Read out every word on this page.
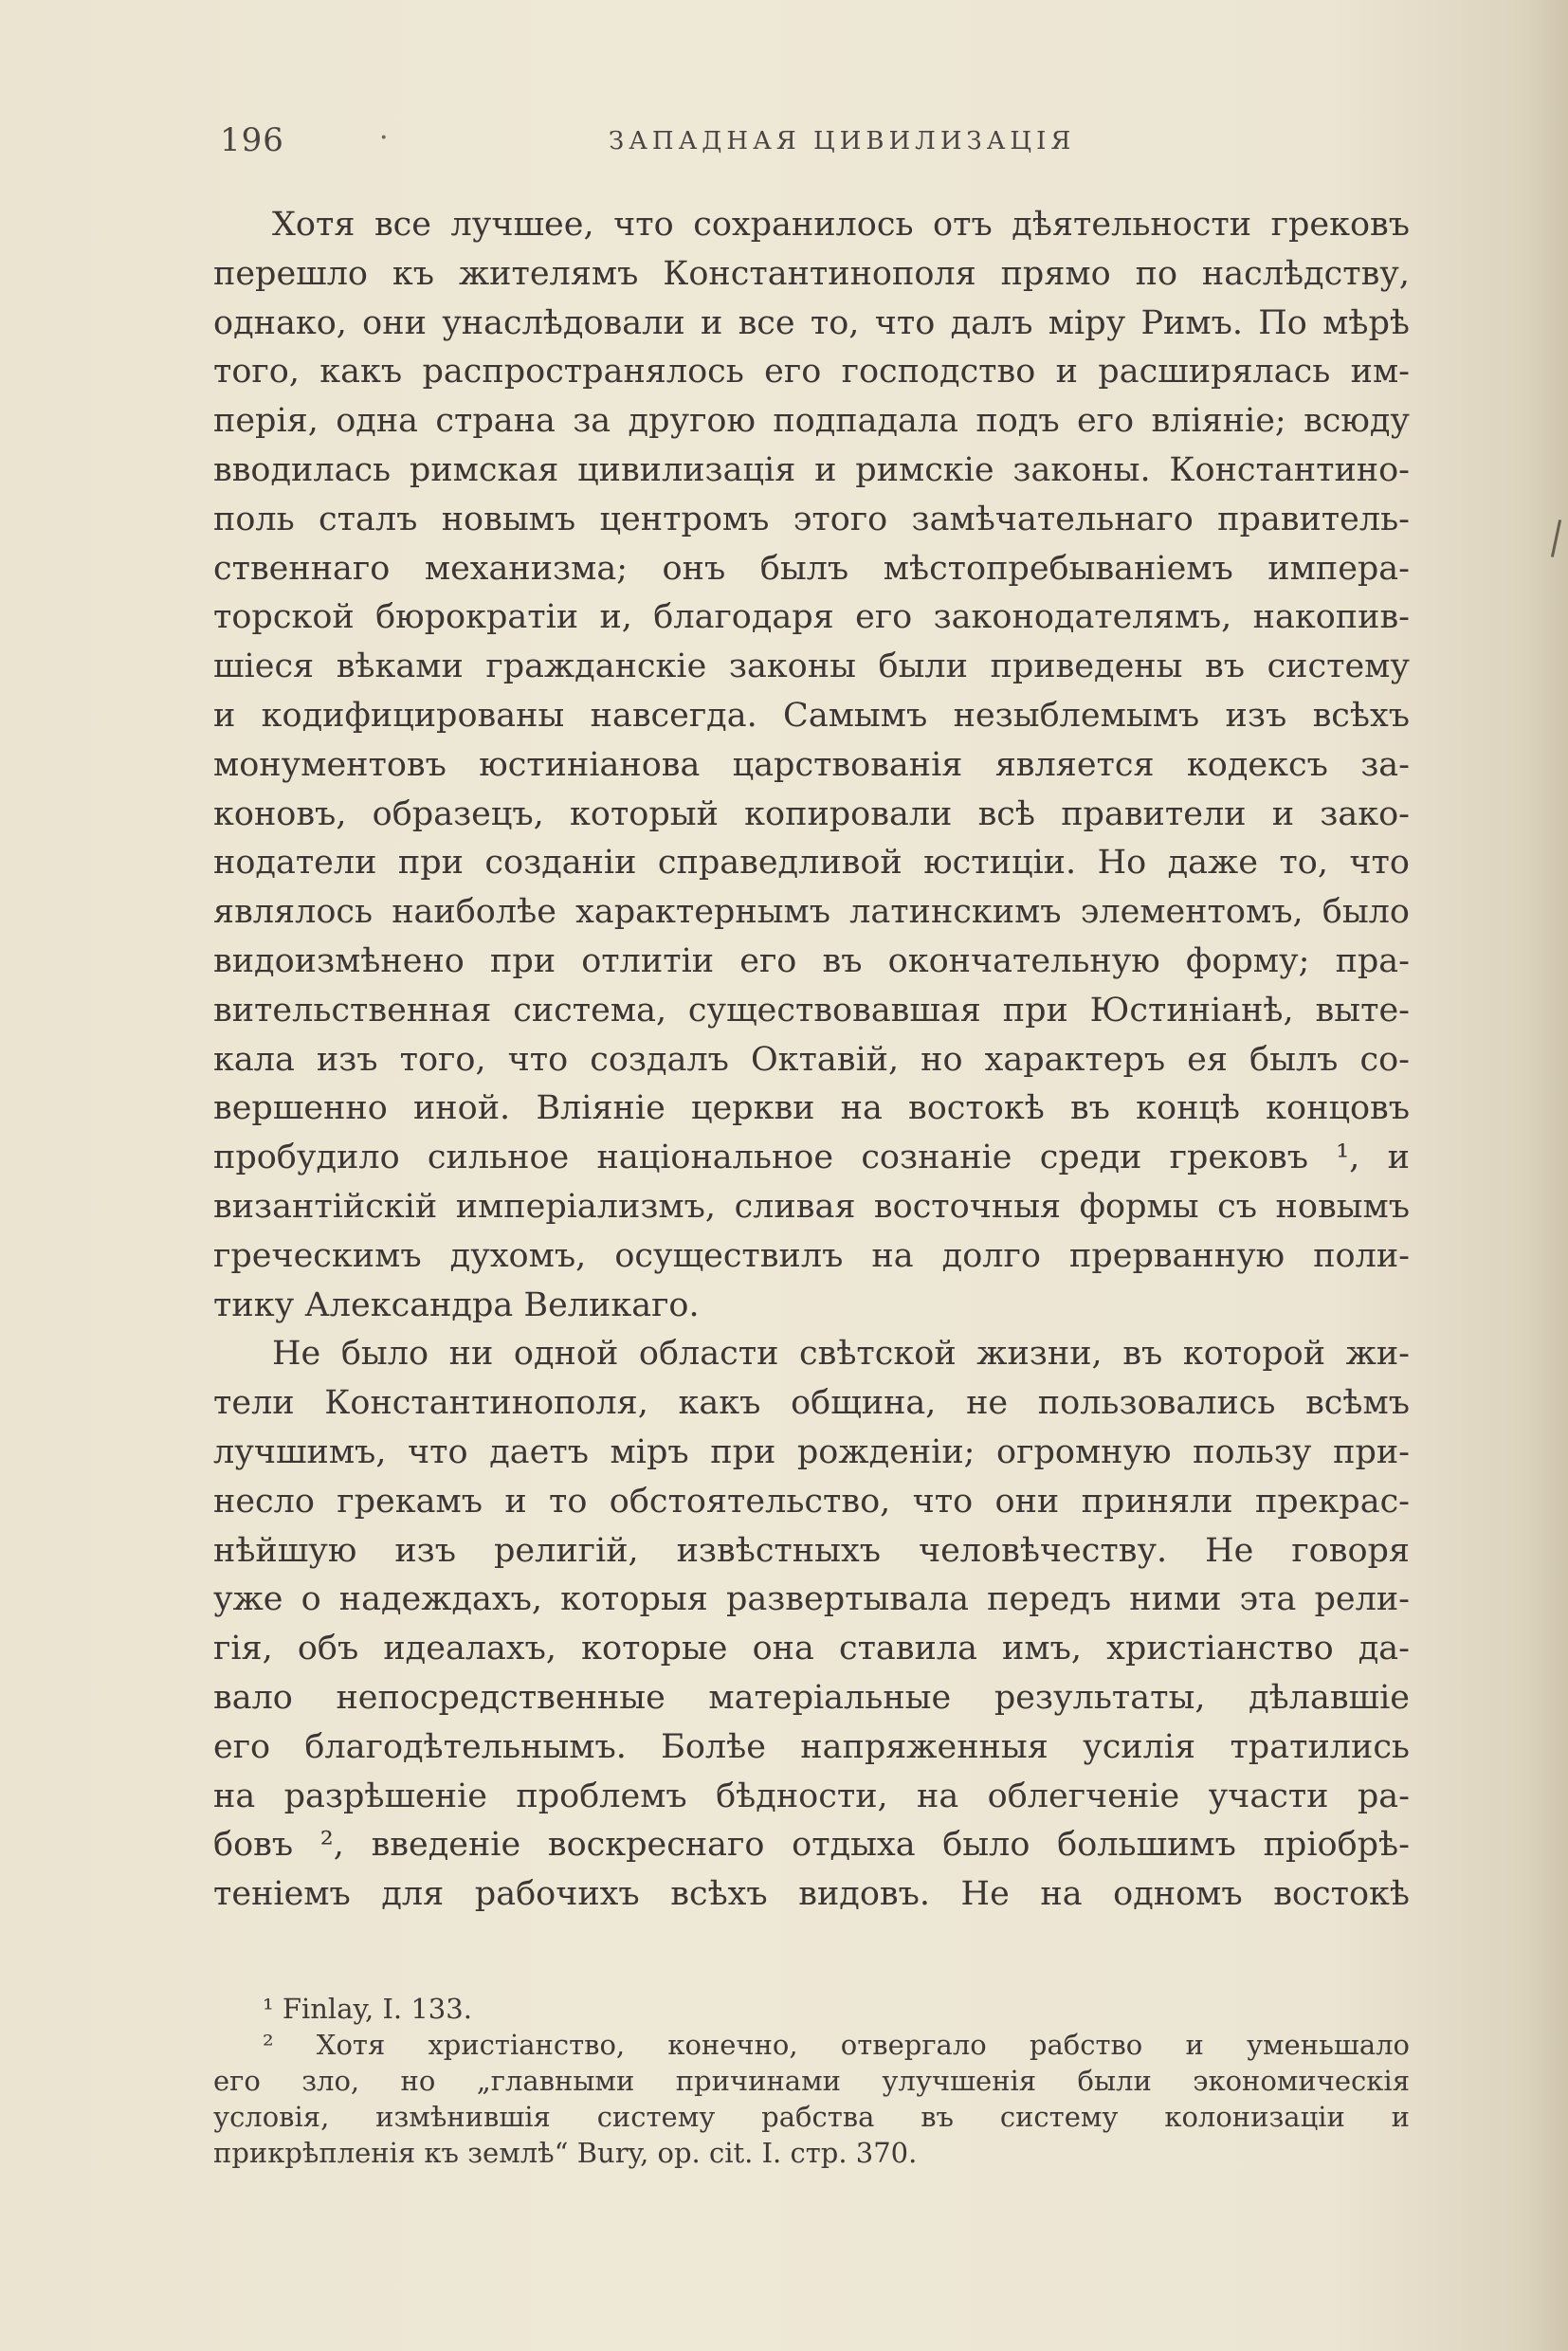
196	·	ЗАПАДНАЯ ЦИВИЛИЗАЦІЯ
Хотя все лучшее, что сохранилось отъ дѣятельности грековъ
перешло къ жителямъ Константинополя прямо по наслѣдству,
однако, они унаслѣдовали и все то, что далъ міру Римъ. По мѣрѣ
того, какъ распространялось его господство и расширялась им-
перія, одна страна за другою подпадала подъ его вліяніе; всюду
вводилась римская цивилизація и римскіе законы. Константино-
поль сталъ новымъ центромъ этого замѣчательнаго правитель-
ственнаго механизма; онъ былъ мѣстопребываніемъ импера-
торской бюрократіи и, благодаря его законодателямъ, накопив-
шіеся вѣками гражданскіе законы были приведены въ систему
и кодифицированы навсегда. Самымъ незыблемымъ изъ всѣхъ
монументовъ юстиніанова царствованія является кодексъ за-
коновъ, образецъ, который копировали всѣ правители и зако-
нодатели при созданіи справедливой юстиціи. Но даже то, что
являлось наиболѣе характернымъ латинскимъ элементомъ, было
видоизмѣнено при отлитіи его въ окончательную форму; пра-
вительственная система, существовавшая при Юстиніанѣ, выте-
кала изъ того, что создалъ Октавій, но характеръ ея былъ со-
вершенно иной. Вліяніе церкви на востокѣ въ концѣ концовъ
пробудило сильное національное сознаніе среди грековъ ¹, и
византійскій имперіализмъ, сливая восточныя формы съ новымъ
греческимъ духомъ, осуществилъ на долго прерванную поли-
тику Александра Великаго.
Не было ни одной области свѣтской жизни, въ которой жи-
тели Константинополя, какъ община, не пользовались всѣмъ
лучшимъ, что даетъ міръ при рожденіи; огромную пользу при-
несло грекамъ и то обстоятельство, что они приняли прекрас-
нѣйшую изъ религій, извѣстныхъ человѣчеству. Не говоря
уже о надеждахъ, которыя развертывала передъ ними эта рели-
гія, объ идеалахъ, которые она ставила имъ, христіанство да-
вало непосредственные матеріальные результаты, дѣлавшіе
его благодѣтельнымъ. Болѣе напряженныя усилія тратились
на разрѣшеніе проблемъ бѣдности, на облегченіе участи ра-
бовъ ², введеніе воскреснаго отдыха было большимъ пріобрѣ-
теніемъ для рабочихъ всѣхъ видовъ. Не на одномъ востокѣ
¹ Finlay, I. 133.
² Хотя христіанство, конечно, отвергало рабство и уменьшало
его зло, но „главными причинами улучшенія были экономическія
условія, измѣнившія систему рабства въ систему колонизаціи и
прикрѣпленія къ землѣ“ Bury, op. cit. I. стр. 370.
